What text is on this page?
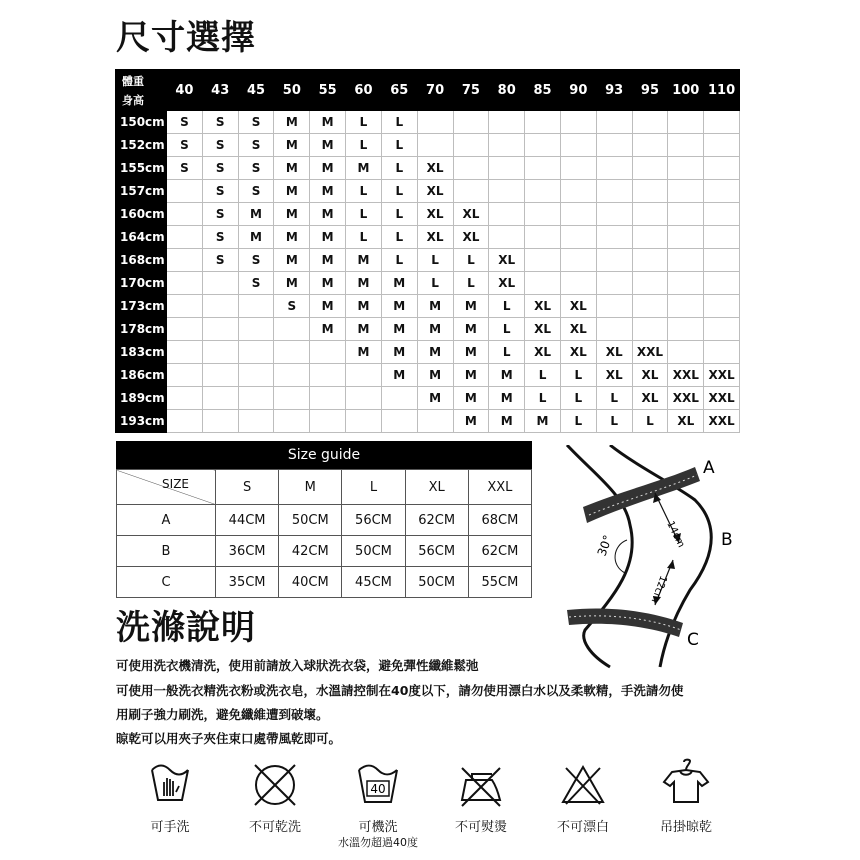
尺寸選擇
體重
身高	40	43	45	50	55	60	65	70	75	80	85	90	93	95	100	110
150cm	S	S	S	M	M	L	L									
152cm	S	S	S	M	M	L	L									
155cm	S	S	S	M	M	M	L	XL								
157cm		S	S	M	M	L	L	XL								
160cm		S	M	M	M	L	L	XL	XL							
164cm		S	M	M	M	L	L	XL	XL							
168cm		S	S	M	M	M	L	L	L	XL						
170cm			S	M	M	M	M	L	L	XL						
173cm				S	M	M	M	M	M	L	XL	XL				
178cm					M	M	M	M	M	L	XL	XL				
183cm						M	M	M	M	L	XL	XL	XL	XXL		
186cm							M	M	M	M	L	L	XL	XL	XXL	XXL
189cm								M	M	M	L	L	L	XL	XXL	XXL
193cm									M	M	M	L	L	L	XL	XXL
Size guide
SIZE	S	M	L	XL	XXL
A	44CM	50CM	56CM	62CM	68CM
B	36CM	42CM	50CM	56CM	62CM
C	35CM	40CM	45CM	50CM	55CM
14cm
12cm
30°
A
B
C
洗滌說明
可使用洗衣機清洗，使用前請放入球狀洗衣袋，避免彈性纖維鬆弛
可使用一般洗衣精洗衣粉或洗衣皂，水溫請控制在40度以下，請勿使用漂白水以及柔軟精，手洗請勿使
用刷子強力刷洗，避免纖維遭到破壞。
晾乾可以用夾子夾住束口處帶風乾即可。
40
可手洗	不可乾洗	可機洗
水溫勿超過40度
不可熨燙	不可漂白	吊掛晾乾
